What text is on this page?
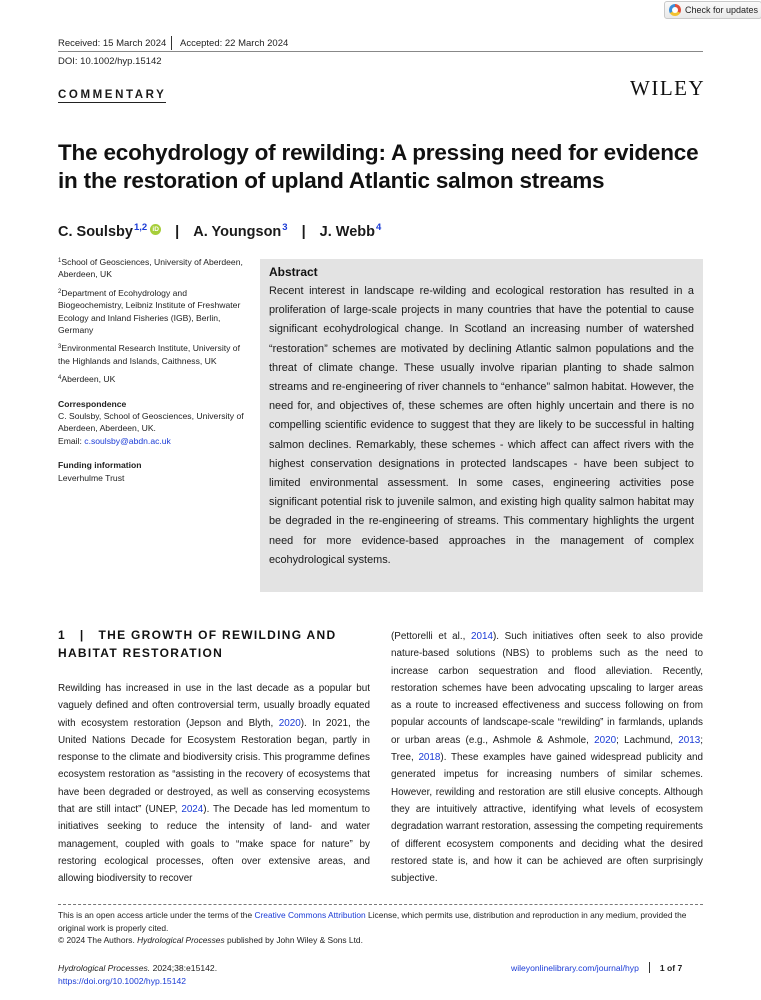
Check for updates
Received: 15 March 2024 Accepted: 22 March 2024
DOI: 10.1002/hyp.15142
COMMENTARY	WILEY
The ecohydrology of rewilding: A pressing need for evidence in the restoration of upland Atlantic salmon streams
C. Soulsby$^{1,2}$ iD | A. Youngson$^3$ | J. Webb$^4$
$^1$School of Geosciences, University of Aberdeen, Aberdeen, UK
$^2$Department of Ecohydrology and Biogeochemistry, Leibniz Institute of Freshwater Ecology and Inland Fisheries (IGB), Berlin, Germany
$^3$Environmental Research Institute, University of the Highlands and Islands, Caithness, UK
$^4$Aberdeen, UK
Correspondence
C. Soulsby, School of Geosciences, University of Aberdeen, Aberdeen, UK.
Email: c.soulsby@abdn.ac.uk
Funding information
Leverhulme Trust
Abstract

Recent interest in landscape re-wilding and ecological restoration has resulted in a proliferation of large-scale projects in many countries that have the potential to cause significant ecohydrological change. In Scotland an increasing number of watershed “restoration” schemes are motivated by declining Atlantic salmon populations and the threat of climate change. These usually involve riparian planting to shade salmon streams and re-engineering of river channels to “enhance” salmon habitat. However, the need for, and objectives of, these schemes are often highly uncertain and there is no compelling scientific evidence to suggest that they are likely to be successful in halting salmon declines. Remarkably, these schemes - which affect can affect rivers with the highest conservation designations in protected landscapes - have been subject to limited environmental assessment. In some cases, engineering activities pose significant potential risk to juvenile salmon, and existing high quality salmon habitat may be degraded in the re-engineering of streams. This commentary highlights the urgent need for more evidence-based approaches in the management of complex ecohydrological systems.

1 | THE GROWTH OF REWILDING AND HABITAT RESTORATION

Rewilding has increased in use in the last decade as a popular but vaguely defined and often controversial term, usually broadly equated with ecosystem restoration (Jepson and Blyth, 2020). In 2021, the United Nations Decade for Ecosystem Restoration began, partly in response to the climate and biodiversity crisis. This programme defines ecosystem restoration as “assisting in the recovery of ecosystems that have been degraded or destroyed, as well as conserving ecosystems that are still intact” (UNEP, 2024). The Decade has led momentum to initiatives seeking to reduce the intensity of land- and water management, coupled with goals to “make space for nature” by restoring ecological processes, often over extensive areas, and allowing biodiversity to recover

(Pettorelli et al., 2014). Such initiatives often seek to also provide nature-based solutions (NBS) to problems such as the need to increase carbon sequestration and flood alleviation. Recently, restoration schemes have been advocating upscaling to larger areas as a route to increased effectiveness and success following on from popular accounts of landscape-scale “rewilding” in farmlands, uplands or urban areas (e.g., Ashmole & Ashmole, 2020; Lachmund, 2013; Tree, 2018). These examples have gained widespread publicity and generated impetus for increasing numbers of similar schemes. However, rewilding and restoration are still elusive concepts. Although they are intuitively attractive, identifying what levels of ecosystem degradation warrant restoration, assessing the competing requirements of different ecosystem components and deciding what the desired restored state is, and how it can be achieved are often surprisingly subjective.

This is an open access article under the terms of the Creative Commons Attribution License, which permits use, distribution and reproduction in any medium, provided the original work is properly cited.
© 2024 The Authors. Hydrological Processes published by John Wiley & Sons Ltd.
Hydrological Processes. 2024;38:e15142.
https://doi.org/10.1002/hyp.15142
wileyonlinelibrary.com/journal/hyp 1 of 7
